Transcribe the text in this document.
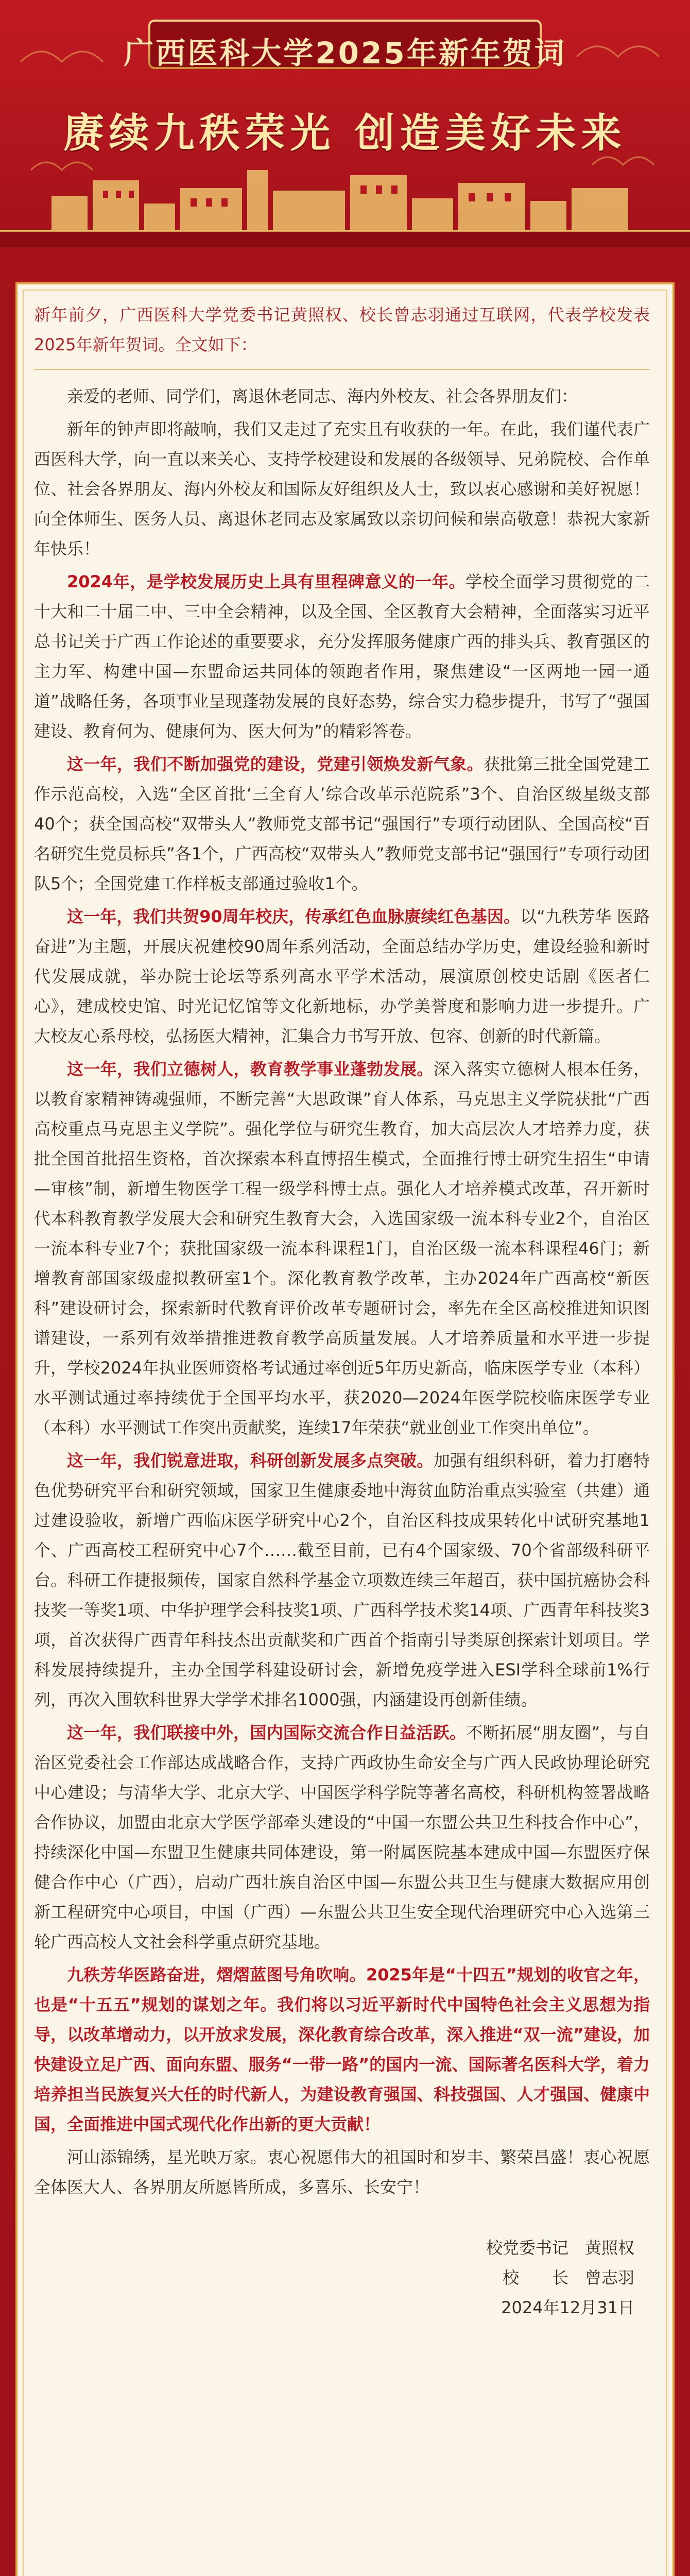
广西医科大学2025年新年贺词
赓续九秩荣光 创造美好未来

新年前夕，广西医科大学党委书记黄照权、校长曾志羽通过互联网，代表学校发表2025年新年贺词。全文如下：

亲爱的老师、同学们，离退休老同志、海内外校友、社会各界朋友们：

新年的钟声即将敲响，我们又走过了充实且有收获的一年。在此，我们谨代表广西医科大学，向一直以来关心、支持学校建设和发展的各级领导、兄弟院校、合作单位、社会各界朋友、海内外校友和国际友好组织及人士，致以衷心感谢和美好祝愿！向全体师生、医务人员、离退休老同志及家属致以亲切问候和崇高敬意！恭祝大家新年快乐！

2024年，是学校发展历史上具有里程碑意义的一年。学校全面学习贯彻党的二十大和二十届二中、三中全会精神，以及全国、全区教育大会精神，全面落实习近平总书记关于广西工作论述的重要要求，充分发挥服务健康广西的排头兵、教育强区的主力军、构建中国—东盟命运共同体的领跑者作用，聚焦建设“一区两地一园一通道”战略任务，各项事业呈现蓬勃发展的良好态势，综合实力稳步提升，书写了“强国建设、教育何为、健康何为、医大何为”的精彩答卷。

这一年，我们不断加强党的建设，党建引领焕发新气象。获批第三批全国党建工作示范高校，入选“全区首批‘三全育人’综合改革示范院系”3个、自治区级星级支部40个；获全国高校“双带头人”教师党支部书记“强国行”专项行动团队、全国高校“百名研究生党员标兵”各1个，广西高校“双带头人”教师党支部书记“强国行”专项行动团队5个；全国党建工作样板支部通过验收1个。

这一年，我们共贺90周年校庆，传承红色血脉赓续红色基因。以“九秩芳华 医路奋进”为主题，开展庆祝建校90周年系列活动，全面总结办学历史，建设经验和新时代发展成就，举办院士论坛等系列高水平学术活动，展演原创校史话剧《医者仁心》，建成校史馆、时光记忆馆等文化新地标，办学美誉度和影响力进一步提升。广大校友心系母校，弘扬医大精神，汇集合力书写开放、包容、创新的时代新篇。

这一年，我们立德树人，教育教学事业蓬勃发展。深入落实立德树人根本任务，以教育家精神铸魂强师，不断完善“大思政课”育人体系，马克思主义学院获批“广西高校重点马克思主义学院”。强化学位与研究生教育，加大高层次人才培养力度，获批全国首批招生资格，首次探索本科直博招生模式，全面推行博士研究生招生“申请—审核”制，新增生物医学工程一级学科博士点。强化人才培养模式改革，召开新时代本科教育教学发展大会和研究生教育大会，入选国家级一流本科专业2个，自治区一流本科专业7个；获批国家级一流本科课程1门，自治区级一流本科课程46门；新增教育部国家级虚拟教研室1个。深化教育教学改革，主办2024年广西高校“新医科”建设研讨会，探索新时代教育评价改革专题研讨会，率先在全区高校推进知识图谱建设，一系列有效举措推进教育教学高质量发展。人才培养质量和水平进一步提升，学校2024年执业医师资格考试通过率创近5年历史新高，临床医学专业（本科）水平测试通过率持续优于全国平均水平，获2020—2024年医学院校临床医学专业（本科）水平测试工作突出贡献奖，连续17年荣获“就业创业工作突出单位”。

这一年，我们锐意进取，科研创新发展多点突破。加强有组织科研，着力打磨特色优势研究平台和研究领域，国家卫生健康委地中海贫血防治重点实验室（共建）通过建设验收，新增广西临床医学研究中心2个，自治区科技成果转化中试研究基地1个、广西高校工程研究中心7个……截至目前，已有4个国家级、70个省部级科研平台。科研工作捷报频传，国家自然科学基金立项数连续三年超百，获中国抗癌协会科技奖一等奖1项、中华护理学会科技奖1项、广西科学技术奖14项、广西青年科技奖3项，首次获得广西青年科技杰出贡献奖和广西首个指南引导类原创探索计划项目。学科发展持续提升，主办全国学科建设研讨会，新增免疫学进入ESI学科全球前1%行列，再次入围软科世界大学学术排名1000强，内涵建设再创新佳绩。

这一年，我们联接中外，国内国际交流合作日益活跃。不断拓展“朋友圈”，与自治区党委社会工作部达成战略合作，支持广西政协生命安全与广西人民政协理论研究中心建设；与清华大学、北京大学、中国医学科学院等著名高校，科研机构签署战略合作协议，加盟由北京大学医学部牵头建设的“中国一东盟公共卫生科技合作中心”，持续深化中国—东盟卫生健康共同体建设，第一附属医院基本建成中国—东盟医疗保健合作中心（广西），启动广西壮族自治区中国—东盟公共卫生与健康大数据应用创新工程研究中心项目，中国（广西）—东盟公共卫生安全现代治理研究中心入选第三轮广西高校人文社会科学重点研究基地。

九秩芳华医路奋进，熠熠蓝图号角吹响。2025年是“十四五”规划的收官之年，也是“十五五”规划的谋划之年。我们将以习近平新时代中国特色社会主义思想为指导，以改革增动力，以开放求发展，深化教育综合改革，深入推进“双一流”建设，加快建设立足广西、面向东盟、服务“一带一路”的国内一流、国际著名医科大学，着力培养担当民族复兴大任的时代新人，为建设教育强国、科技强国、人才强国、健康中国，全面推进中国式现代化作出新的更大贡献！

河山添锦绣，星光映万家。衷心祝愿伟大的祖国时和岁丰、繁荣昌盛！衷心祝愿全体医大人、各界朋友所愿皆所成，多喜乐、长安宁！

校党委书记　黄照权
校　　长　曾志羽
2024年12月31日
